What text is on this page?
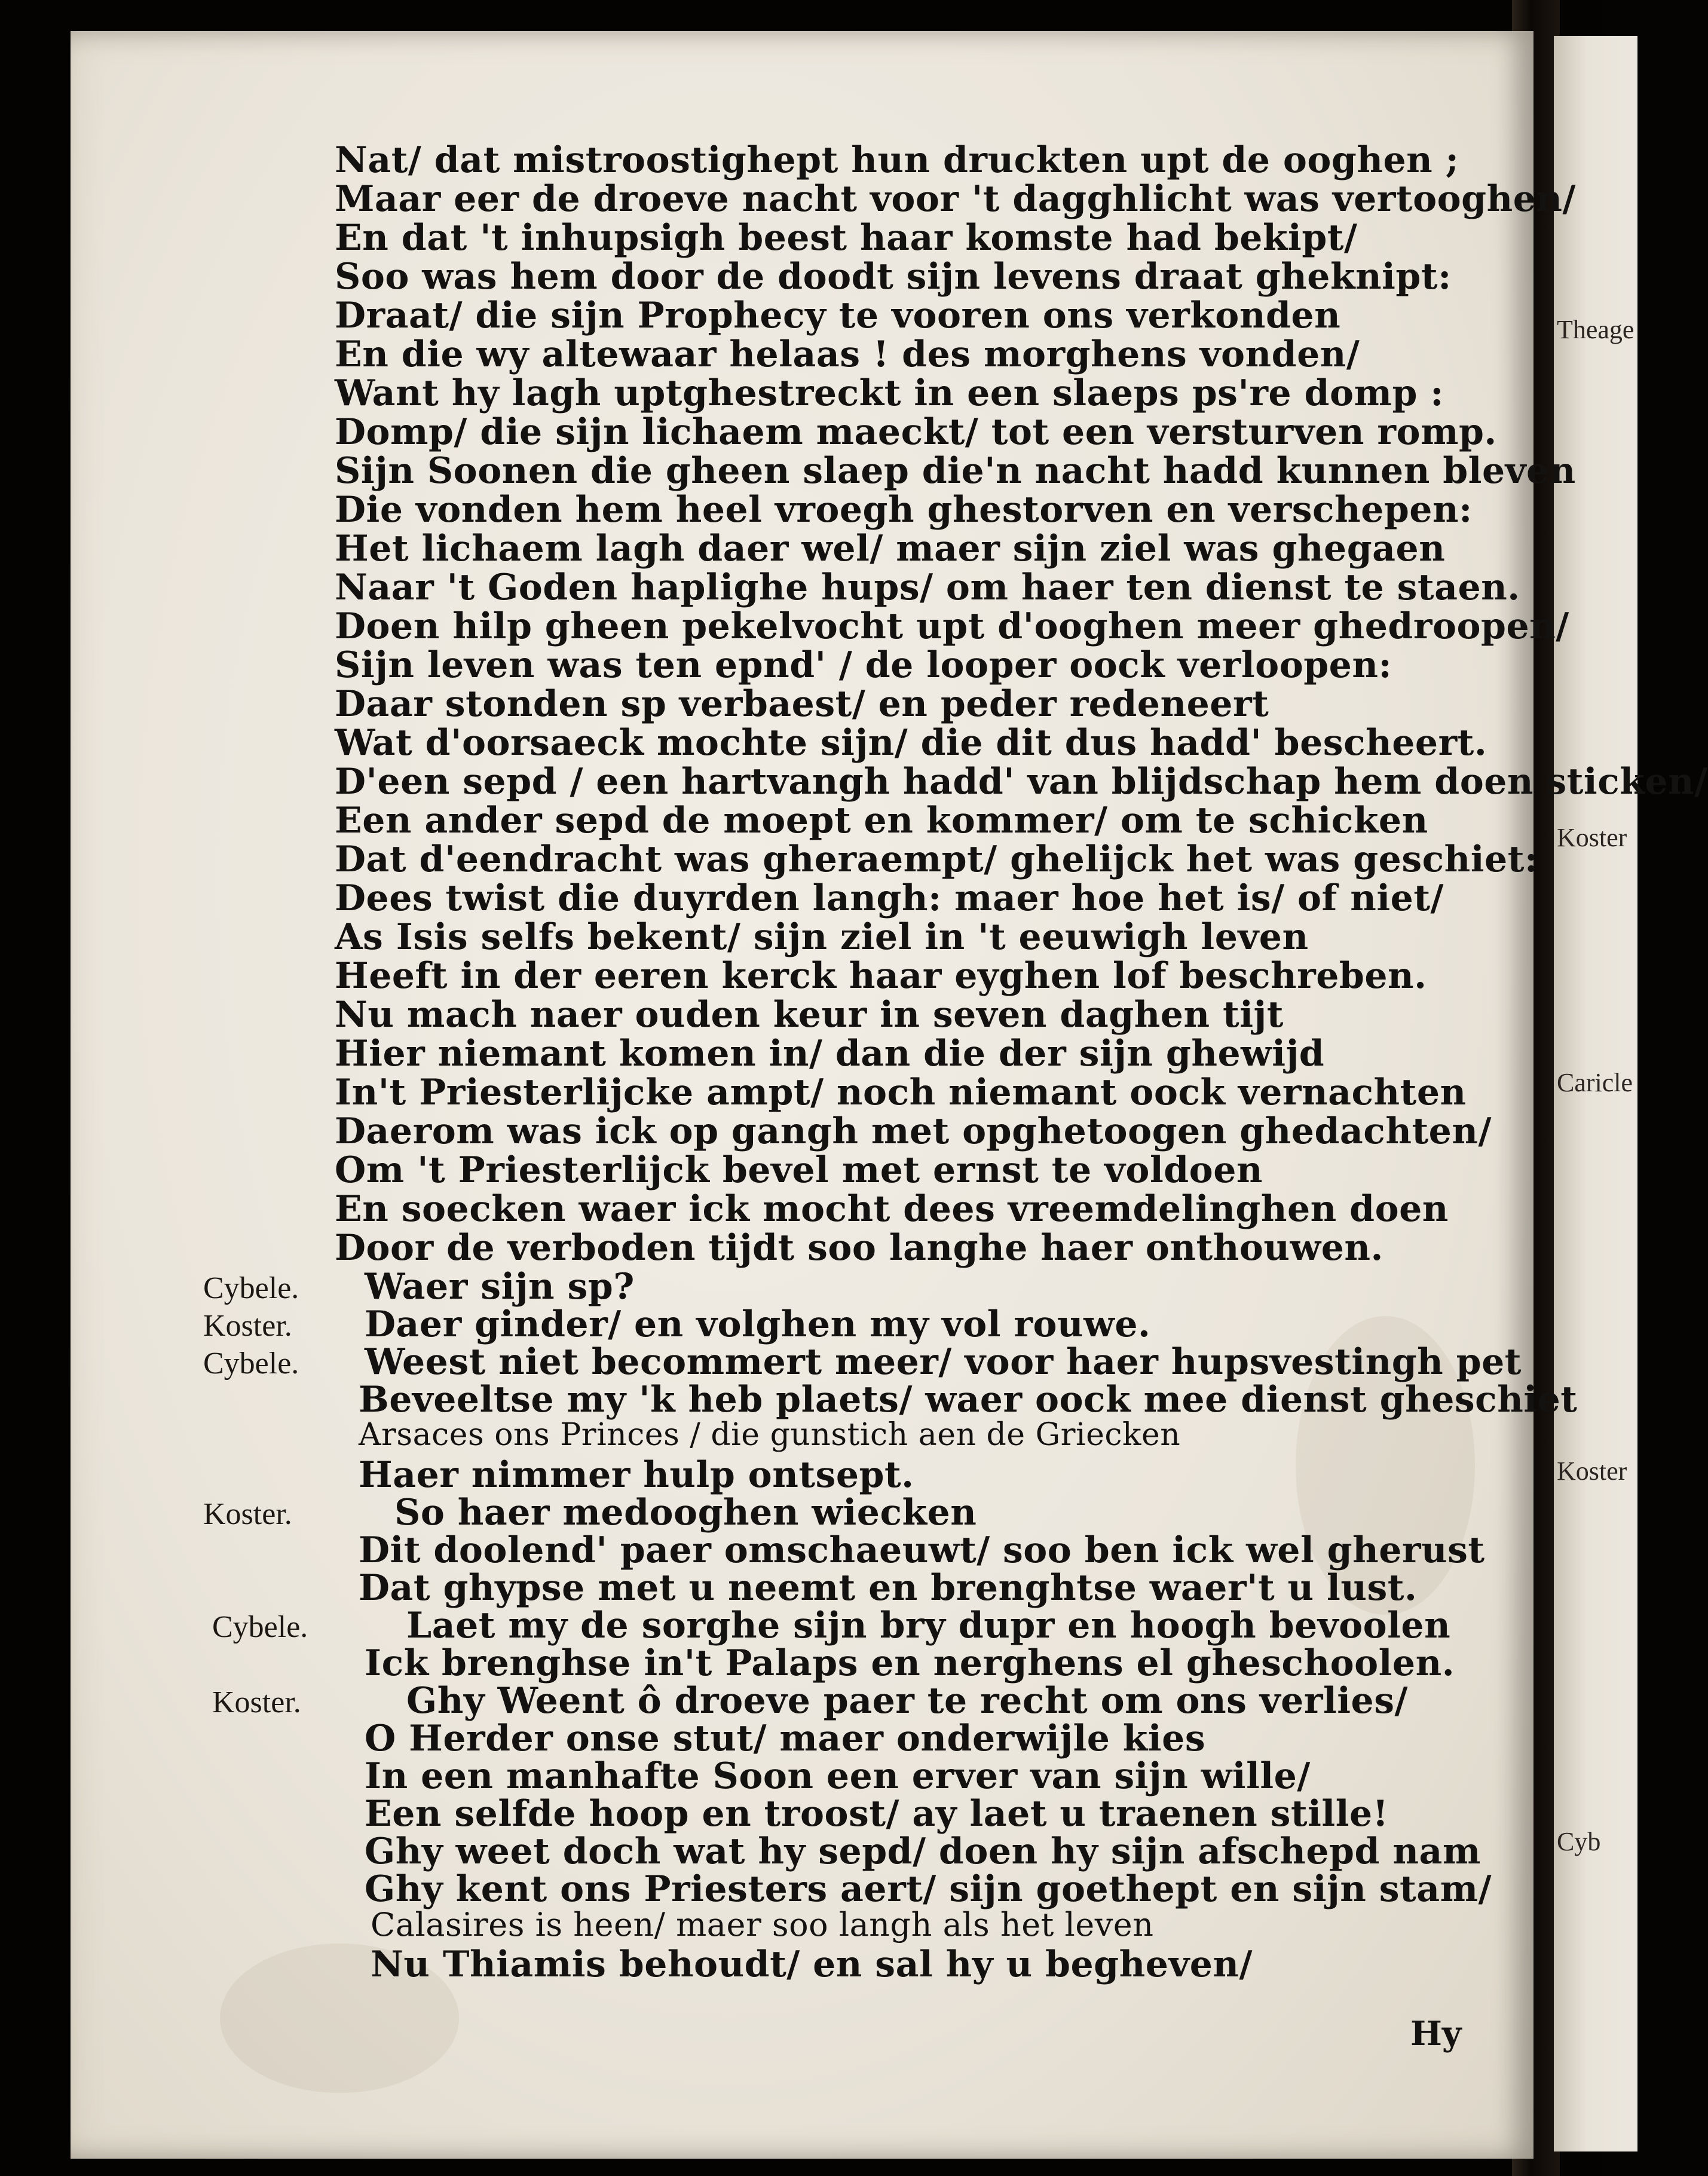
Nat/ dat mistroostighept hun druckten upt de ooghen ;
Maar eer de droeve nacht voor 't dagghlicht was vertooghen/
En dat 't inhupsigh beest haar komste had bekipt/
Soo was hem door de doodt sijn levens draat gheknipt:
Draat/ die sijn Prophecy te vooren ons verkonden
En die wy altewaar helaas ! des morghens vonden/
Want hy lagh uptghestreckt in een slaeps ps're domp :
Domp/ die sijn lichaem maeckt/ tot een versturven romp.
Sijn Soonen die gheen slaep die'n nacht hadd kunnen bleven
Die vonden hem heel vroegh ghestorven en verschepen:
Het lichaem lagh daer wel/ maer sijn ziel was ghegaen
Naar 't Goden haplighe hups/ om haer ten dienst te staen.
Doen hilp gheen pekelvocht upt d'ooghen meer ghedroopen/
Sijn leven was ten epnd' / de looper oock verloopen:
Daar stonden sp verbaest/ en peder redeneert
Wat d'oorsaeck mochte sijn/ die dit dus hadd' bescheert.
D'een sepd / een hartvangh hadd' van blijdschap hem doen sticken/
Een ander sepd de moept en kommer/ om te schicken
Dat d'eendracht was gheraempt/ ghelijck het was geschiet:
Dees twist die duyrden langh: maer hoe het is/ of niet/
As Isis selfs bekent/ sijn ziel in 't eeuwigh leven
Heeft in der eeren kerck haar eyghen lof beschreben.
Nu mach naer ouden keur in seven daghen tijt
Hier niemant komen in/ dan die der sijn ghewijd
In't Priesterlijcke ampt/ noch niemant oock vernachten
Daerom was ick op gangh met opghetoogen ghedachten/
Om 't Priesterlijck bevel met ernst te voldoen
En soecken waer ick mocht dees vreemdelinghen doen
Door de verboden tijdt soo langhe haer onthouwen.
Cybele. Waer sijn sp?
Koster. Daer ginder/ en volghen my vol rouwe.
Cybele. Weest niet becommert meer/ voor haer hupsvestingh pet
Beveeltse my 'k heb plaets/ waer oock mee dienst gheschiet
Arsaces ons Princes / die gunstich aen de Griecken
Haer nimmer hulp ontsept.
Koster.	So haer medooghen wiecken
Dit doolend' paer omschaeuwt/ soo ben ick wel gherust
Dat ghypse met u neemt en brenghtse waer't u lust.
Cybele.	Laet my de sorghe sijn bry dupr en hoogh bevoolen
Ick brenghse in't Palaps en nerghens el gheschoolen.
Koster.	Ghy Weent ô droeve paer te recht om ons verlies/
O Herder onse stut/ maer onderwijle kies
In een manhafte Soon een erver van sijn wille/
Een selfde hoop en troost/ ay laet u traenen stille!
Ghy weet doch wat hy sepd/ doen hy sijn afschepd nam
Ghy kent ons Priesters aert/ sijn goethept en sijn stam/
Calasires is heen/ maer soo langh als het leven
Nu Thiamis behoudt/ en sal hy u begheven/
Hy
Theage
Koster
Caricle
Koster
Cyb
